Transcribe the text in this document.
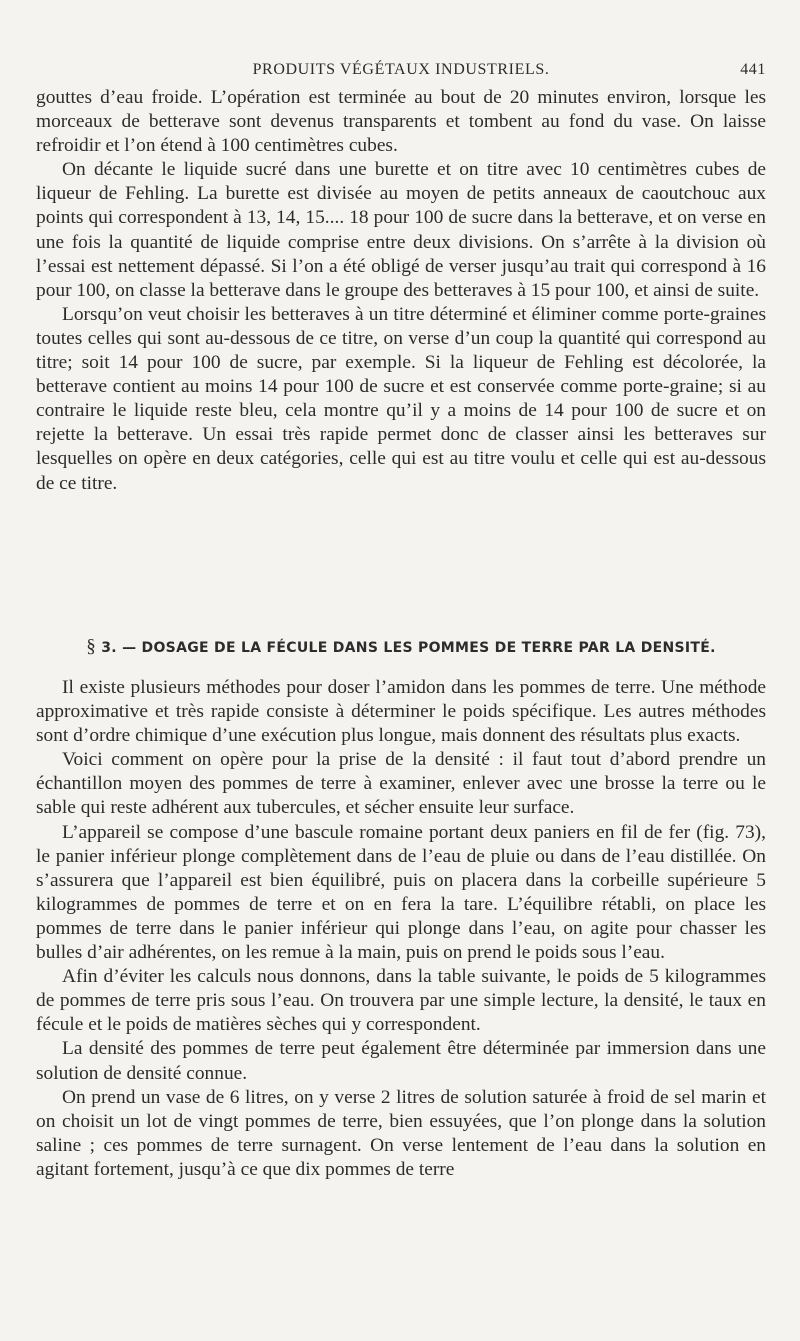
PRODUITS VÉGÉTAUX INDUSTRIELS.	441

gouttes d’eau froide. L’opération est terminée au bout de 20 minutes environ, lorsque les morceaux de betterave sont devenus transparents et tombent au fond du vase. On laisse refroidir et l’on étend à 100 centimètres cubes.

On décante le liquide sucré dans une burette et on titre avec 10 centimètres cubes de liqueur de Fehling. La burette est divisée au moyen de petits anneaux de caoutchouc aux points qui correspondent à 13, 14, 15.... 18 pour 100 de sucre dans la betterave, et on verse en une fois la quantité de liquide comprise entre deux divisions. On s’arrête à la division où l’essai est nettement dépassé. Si l’on a été obligé de verser jusqu’au trait qui correspond à 16 pour 100, on classe la betterave dans le groupe des betteraves à 15 pour 100, et ainsi de suite.

Lorsqu’on veut choisir les betteraves à un titre déterminé et éliminer comme porte-graines toutes celles qui sont au-dessous de ce titre, on verse d’un coup la quantité qui correspond au titre; soit 14 pour 100 de sucre, par exemple. Si la liqueur de Fehling est décolorée, la betterave contient au moins 14 pour 100 de sucre et est conservée comme porte-graine; si au contraire le liquide reste bleu, cela montre qu’il y a moins de 14 pour 100 de sucre et on rejette la betterave. Un essai très rapide permet donc de classer ainsi les betteraves sur lesquelles on opère en deux catégories, celle qui est au titre voulu et celle qui est au-dessous de ce titre.

§ 3. — DOSAGE DE LA FÉCULE DANS LES POMMES DE TERRE PAR LA DENSITÉ.

Il existe plusieurs méthodes pour doser l’amidon dans les pommes de terre. Une méthode approximative et très rapide consiste à déterminer le poids spécifique. Les autres méthodes sont d’ordre chimique d’une exécution plus longue, mais donnent des résultats plus exacts.

Voici comment on opère pour la prise de la densité : il faut tout d’abord prendre un échantillon moyen des pommes de terre à examiner, enlever avec une brosse la terre ou le sable qui reste adhérent aux tubercules, et sécher ensuite leur surface.

L’appareil se compose d’une bascule romaine portant deux paniers en fil de fer (fig. 73), le panier inférieur plonge complètement dans de l’eau de pluie ou dans de l’eau distillée. On s’assurera que l’appareil est bien équilibré, puis on placera dans la corbeille supérieure 5 kilogrammes de pommes de terre et on en fera la tare. L’équilibre rétabli, on place les pommes de terre dans le panier inférieur qui plonge dans l’eau, on agite pour chasser les bulles d’air adhérentes, on les remue à la main, puis on prend le poids sous l’eau.

Afin d’éviter les calculs nous donnons, dans la table suivante, le poids de 5 kilogrammes de pommes de terre pris sous l’eau. On trouvera par une simple lecture, la densité, le taux en fécule et le poids de matières sèches qui y correspondent.

La densité des pommes de terre peut également être déterminée par immersion dans une solution de densité connue.

On prend un vase de 6 litres, on y verse 2 litres de solution saturée à froid de sel marin et on choisit un lot de vingt pommes de terre, bien essuyées, que l’on plonge dans la solution saline ; ces pommes de terre surnagent. On verse lentement de l’eau dans la solution en agitant fortement, jusqu’à ce que dix pommes de terre
